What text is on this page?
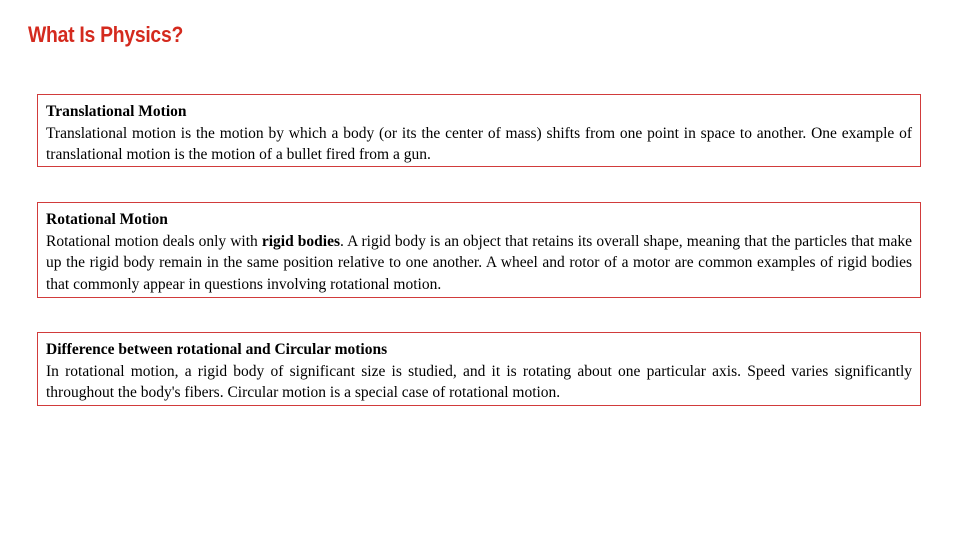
What Is Physics?
Translational Motion
Translational motion is the motion by which a body (or its the center of mass) shifts from one point in space to another. One example of translational motion is the motion of a bullet fired from a gun.
Rotational Motion
Rotational motion deals only with rigid bodies. A rigid body is an object that retains its overall shape, meaning that the particles that make up the rigid body remain in the same position relative to one another. A wheel and rotor of a motor are common examples of rigid bodies that commonly appear in questions involving rotational motion.
Difference between rotational and Circular motions
In rotational motion, a rigid body of significant size is studied, and it is rotating about one particular axis. Speed varies significantly throughout the body's fibers. Circular motion is a special case of rotational motion.
